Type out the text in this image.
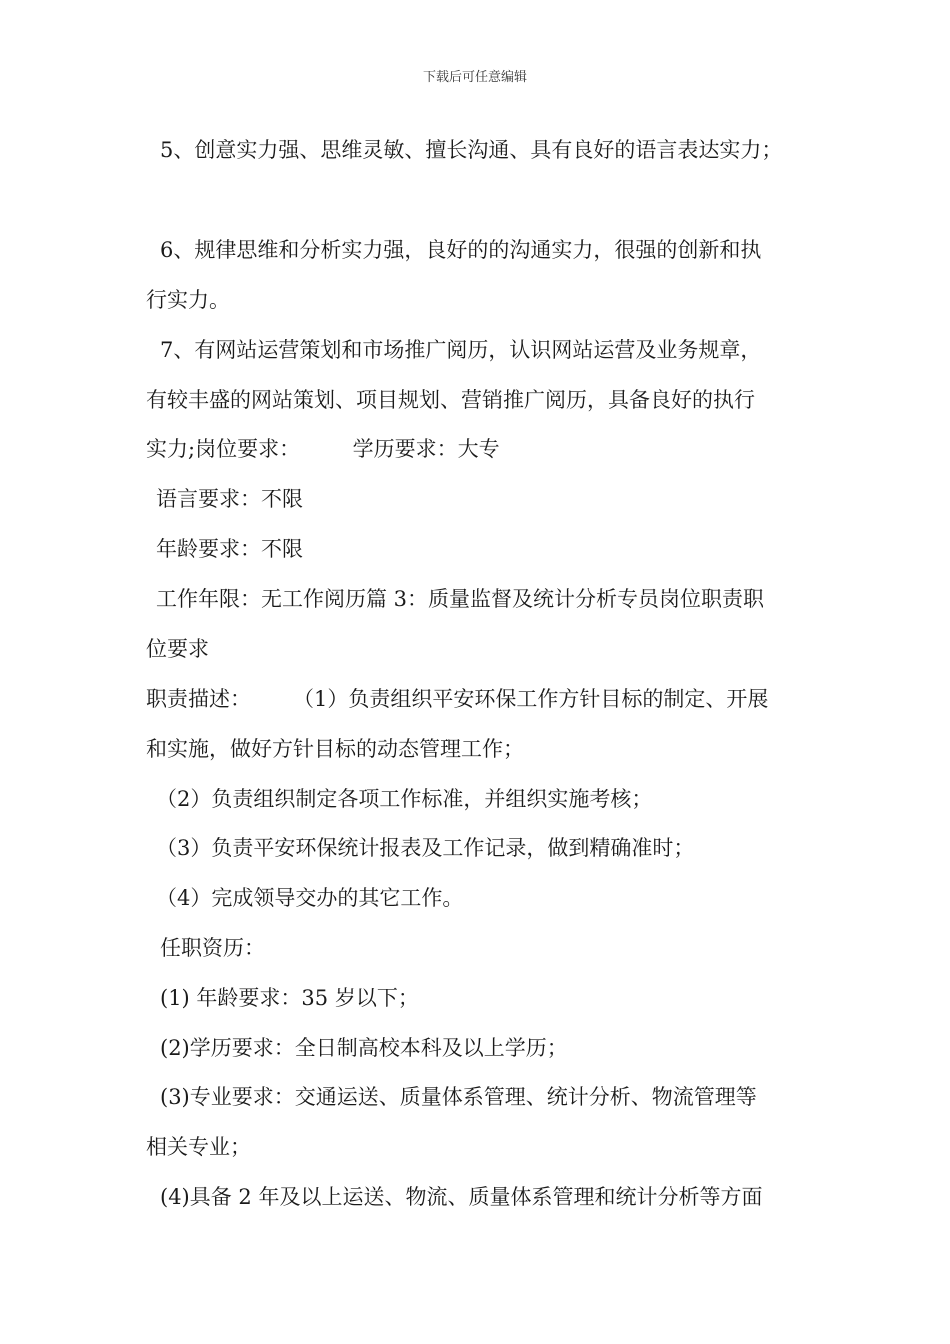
下载后可任意编辑
5、创意实力强、思维灵敏、擅长沟通、具有良好的语言表达实力；
6、规律思维和分析实力强，良好的的沟通实力，很强的创新和执
行实力。
7、有网站运营策划和市场推广阅历，认识网站运营及业务规章，
有较丰盛的网站策划、项目规划、营销推广阅历，具备良好的执行
实力;岗位要求：　　　学历要求：大专
语言要求：不限
年龄要求：不限
工作年限：无工作阅历篇 3：质量监督及统计分析专员岗位职责职
位要求
职责描述：　　　（1）负责组织平安环保工作方针目标的制定、开展
和实施，做好方针目标的动态管理工作；
（2）负责组织制定各项工作标准，并组织实施考核；
（3）负责平安环保统计报表及工作记录，做到精确准时；
（4）完成领导交办的其它工作。
任职资历：
(1) 年龄要求：35 岁以下；
(2)学历要求：全日制高校本科及以上学历；
(3)专业要求：交通运送、质量体系管理、统计分析、物流管理等
相关专业；
(4)具备 2 年及以上运送、物流、质量体系管理和统计分析等方面
